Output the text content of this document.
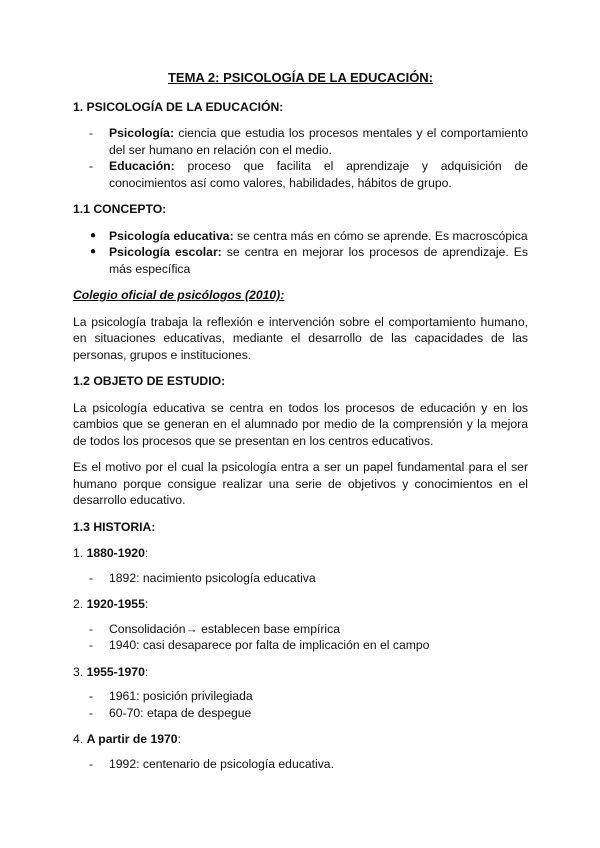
TEMA 2: PSICOLOGÍA DE LA EDUCACIÓN:
1. PSICOLOGÍA DE LA EDUCACIÓN:
- Psicología: ciencia que estudia los procesos mentales y el comportamiento del ser humano en relación con el medio.
- Educación: proceso que facilita el aprendizaje y adquisición de conocimientos así como valores, habilidades, hábitos de grupo.
1.1 CONCEPTO:
● Psicología educativa: se centra más en cómo se aprende. Es macroscópica
● Psicología escolar: se centra en mejorar los procesos de aprendizaje. Es más específica
Colegio oficial de psicólogos (2010):

La psicología trabaja la reflexión e intervención sobre el comportamiento humano, en situaciones educativas, mediante el desarrollo de las capacidades de las personas, grupos e instituciones.

1.2 OBJETO DE ESTUDIO:

La psicología educativa se centra en todos los procesos de educación y en los cambios que se generan en el alumnado por medio de la comprensión y la mejora de todos los procesos que se presentan en los centros educativos.

Es el motivo por el cual la psicología entra a ser un papel fundamental para el ser humano porque consigue realizar una serie de objetivos y conocimientos en el desarrollo educativo.

1.3 HISTORIA:
1. 1880-1920:
- 1892: nacimiento psicología educativa
2. 1920-1955:
- Consolidación→ establecen base empírica
- 1940: casi desaparece por falta de implicación en el campo
3. 1955-1970:
- 1961: posición privilegiada
- 60-70: etapa de despegue
4. A partir de 1970:
- 1992: centenario de psicología educativa.
